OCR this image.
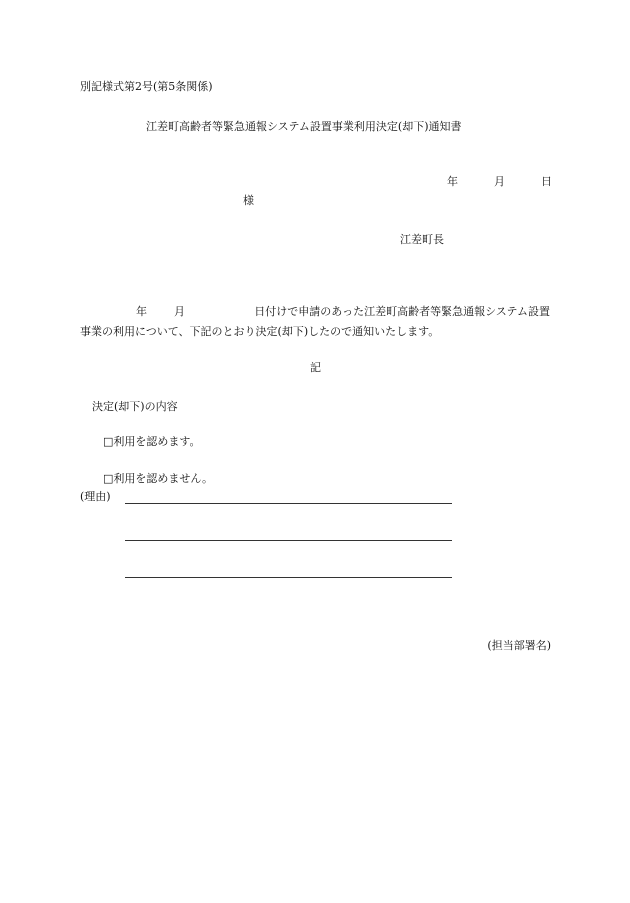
別記様式第2号(第5条関係)
江差町高齢者等緊急通報システム設置事業利用決定(却下)通知書
年	月	日
様
江差町長
年	月	日付けで申請のあった江差町高齢者等緊急通報システム設置
事業の利用について、下記のとおり決定(却下)したので通知いたします。
記
決定(却下)の内容
□利用を認めます。
□利用を認めません。
(理由)
(担当部署名)
